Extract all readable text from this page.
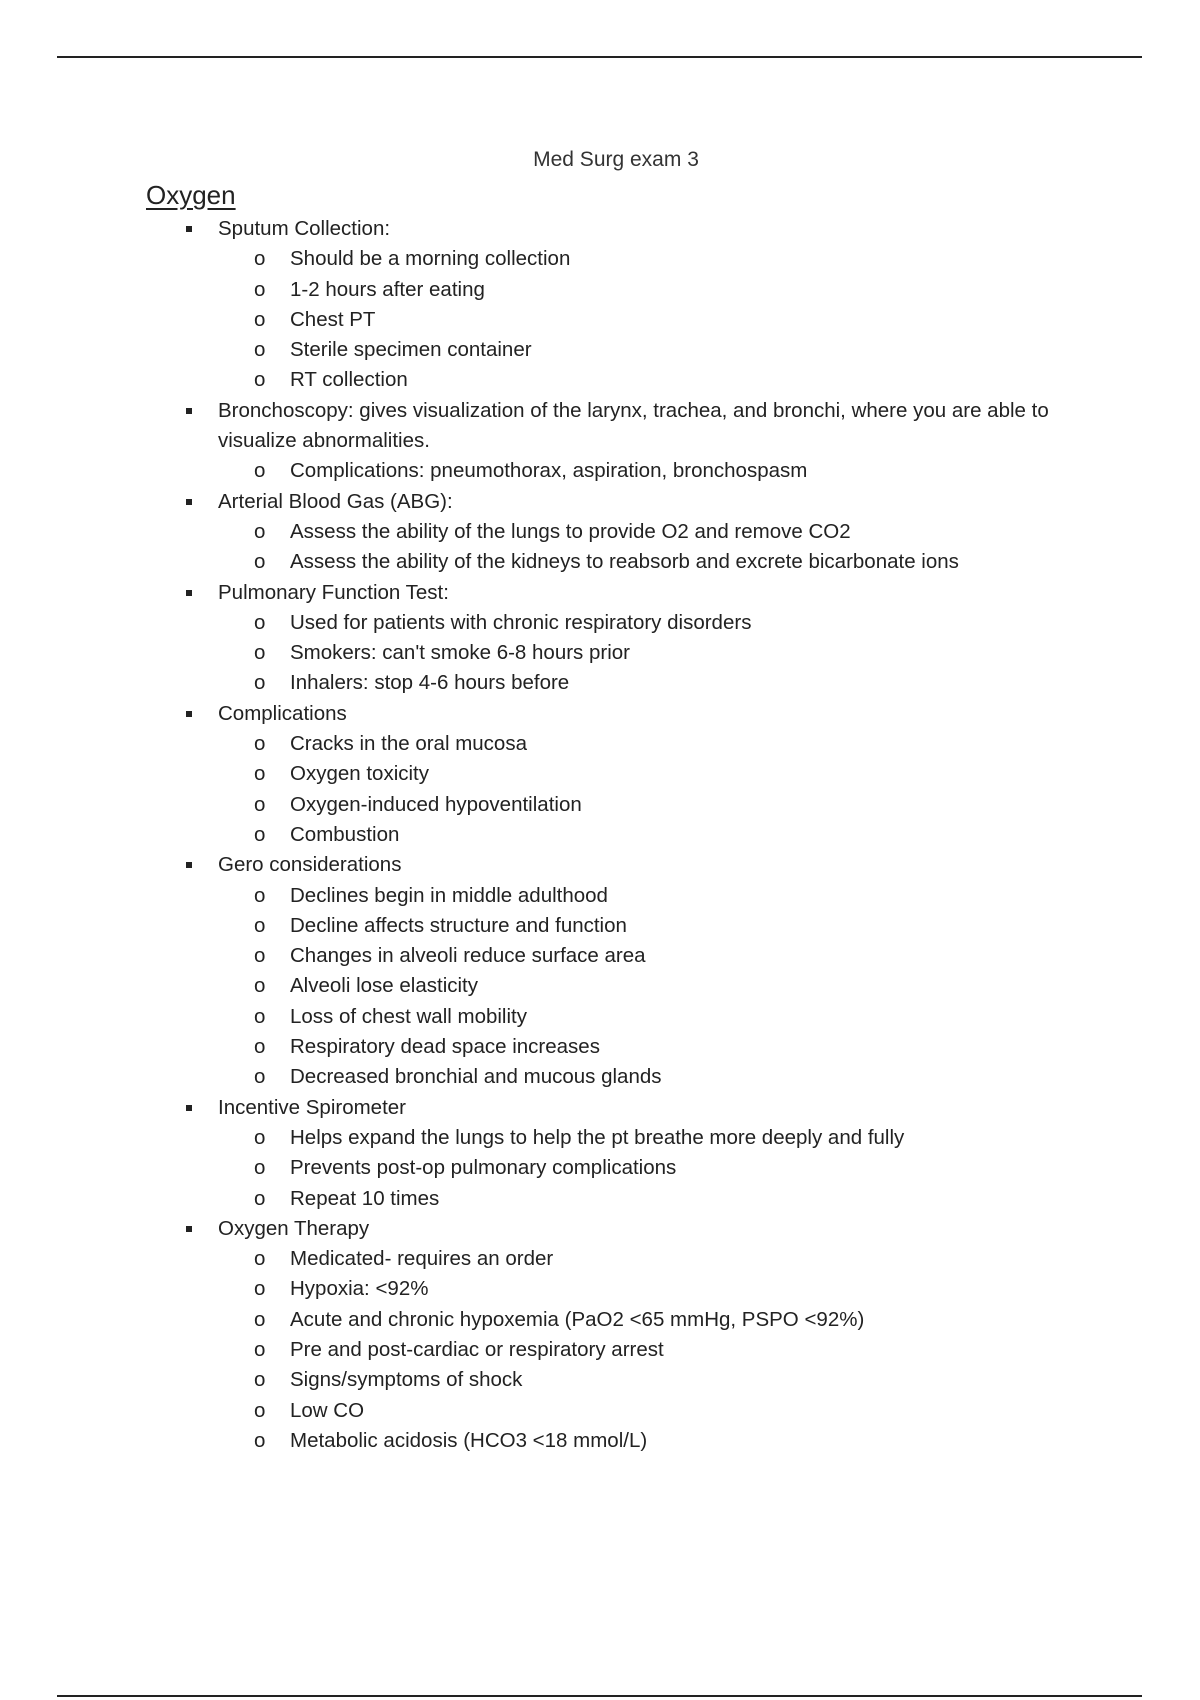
Med Surg exam 3
Oxygen
Sputum Collection:
o Should be a morning collection
o 1-2 hours after eating
o Chest PT
o Sterile specimen container
o RT collection
Bronchoscopy: gives visualization of the larynx, trachea, and bronchi, where you are able to visualize abnormalities.
o Complications: pneumothorax, aspiration, bronchospasm
Arterial Blood Gas (ABG):
o Assess the ability of the lungs to provide O2 and remove CO2
o Assess the ability of the kidneys to reabsorb and excrete bicarbonate ions
Pulmonary Function Test:
o Used for patients with chronic respiratory disorders
o Smokers: can't smoke 6-8 hours prior
o Inhalers: stop 4-6 hours before
Complications
o Cracks in the oral mucosa
o Oxygen toxicity
o Oxygen-induced hypoventilation
o Combustion
Gero considerations
o Declines begin in middle adulthood
o Decline affects structure and function
o Changes in alveoli reduce surface area
o Alveoli lose elasticity
o Loss of chest wall mobility
o Respiratory dead space increases
o Decreased bronchial and mucous glands
Incentive Spirometer
o Helps expand the lungs to help the pt breathe more deeply and fully
o Prevents post-op pulmonary complications
o Repeat 10 times
Oxygen Therapy
o Medicated- requires an order
o Hypoxia: <92%
o Acute and chronic hypoxemia (PaO2 <65 mmHg, PSPO <92%)
o Pre and post-cardiac or respiratory arrest
o Signs/symptoms of shock
o Low CO
o Metabolic acidosis (HCO3 <18 mmol/L)
